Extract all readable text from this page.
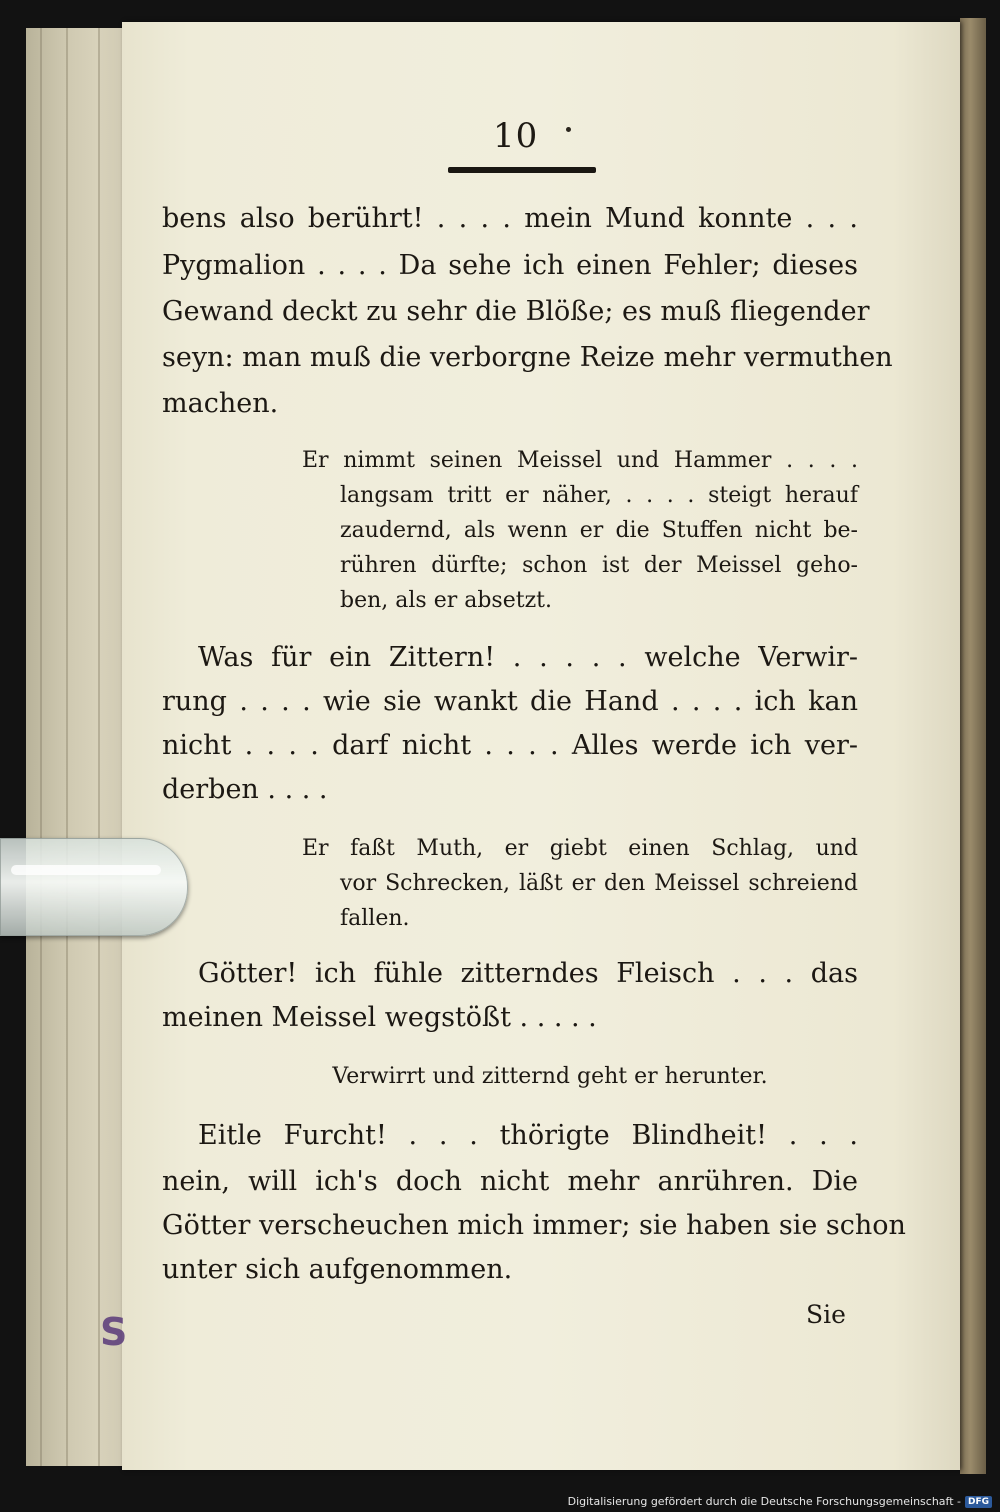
10
bens also berührt! . . . . mein Mund konnte . . .
Pygmalion . . . . Da sehe ich einen Fehler; dieses
Gewand deckt zu sehr die Blöße; es muß fliegender
seyn: man muß die verborgne Reize mehr vermuthen
machen.
Er nimmt seinen Meissel und Hammer . . . .
langsam tritt er näher, . . . . steigt herauf
zaudernd, als wenn er die Stuffen nicht be-
rühren dürfte; schon ist der Meissel geho-
ben, als er absetzt.
Was für ein Zittern! . . . . . welche Verwir-
rung . . . . wie sie wankt die Hand . . . . ich kan
nicht . . . . darf nicht . . . . Alles werde ich ver-
derben . . . .
Er faßt Muth, er giebt einen Schlag, und
vor Schrecken, läßt er den Meissel schreiend
fallen.
Götter! ich fühle zitterndes Fleisch . . . das
meinen Meissel wegstößt . . . . .
Verwirrt und zitternd geht er herunter.
Eitle Furcht! . . . thörigte Blindheit! . . .
nein, will ich's doch nicht mehr anrühren. Die
Götter verscheuchen mich immer; sie haben sie schon
unter sich aufgenommen.
Sie
S
Digitalisierung gefördert durch die Deutsche Forschungsgemeinschaft - DFG
